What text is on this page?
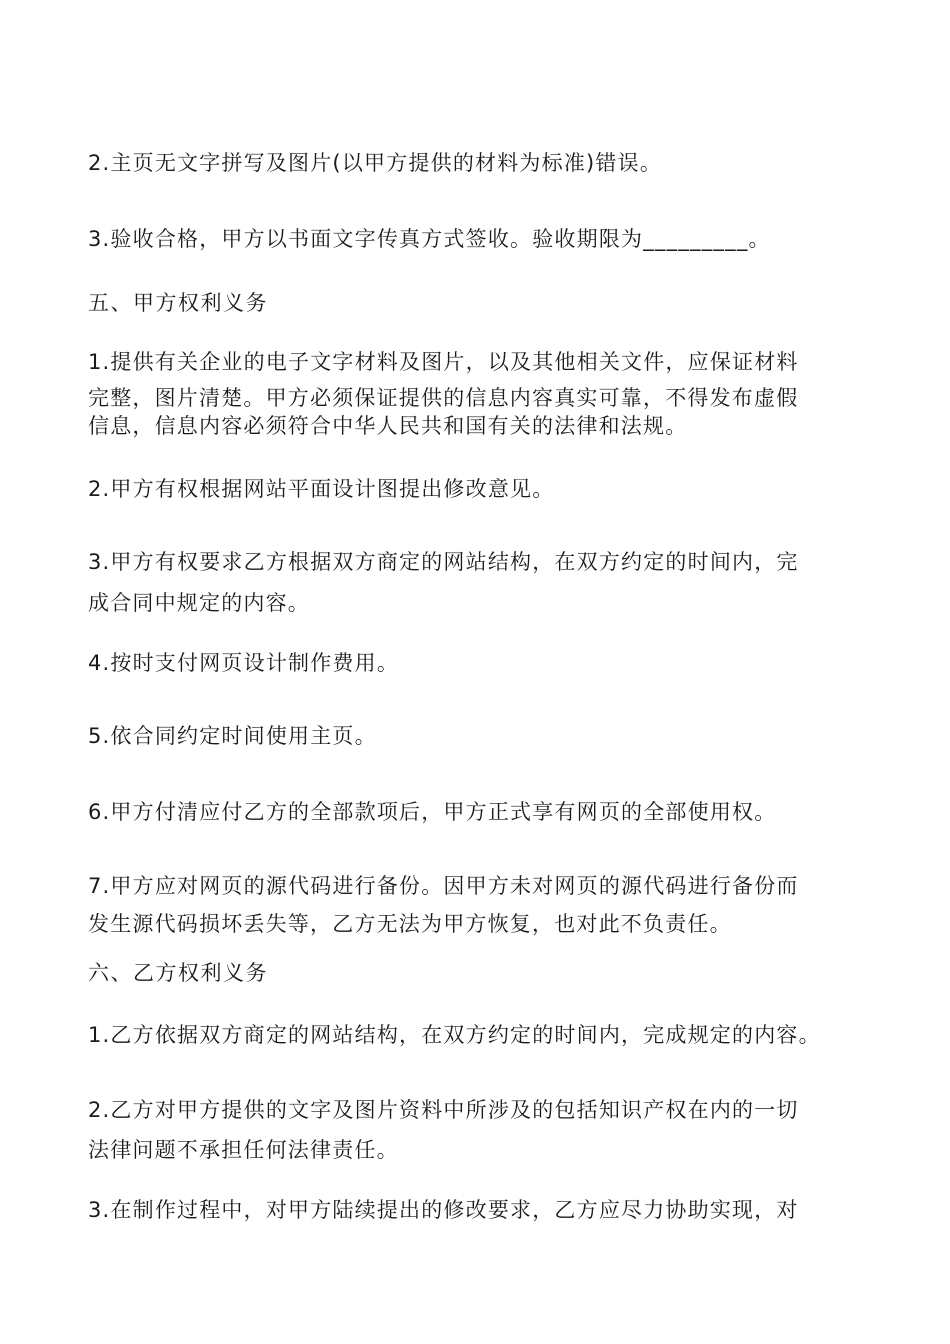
2.主页无文字拼写及图片(以甲方提供的材料为标准)错误。

3.验收合格，甲方以书面文字传真方式签收。验收期限为_________。

五、甲方权利义务

1.提供有关企业的电子文字材料及图片，以及其他相关文件，应保证材料
完整，图片清楚。甲方必须保证提供的信息内容真实可靠，不得发布虚假
信息，信息内容必须符合中华人民共和国有关的法律和法规。

2.甲方有权根据网站平面设计图提出修改意见。

3.甲方有权要求乙方根据双方商定的网站结构，在双方约定的时间内，完
成合同中规定的内容。

4.按时支付网页设计制作费用。

5.依合同约定时间使用主页。

6.甲方付清应付乙方的全部款项后，甲方正式享有网页的全部使用权。

7.甲方应对网页的源代码进行备份。因甲方未对网页的源代码进行备份而
发生源代码损坏丢失等，乙方无法为甲方恢复，也对此不负责任。

六、乙方权利义务

1.乙方依据双方商定的网站结构，在双方约定的时间内，完成规定的内容。

2.乙方对甲方提供的文字及图片资料中所涉及的包括知识产权在内的一切
法律问题不承担任何法律责任。

3.在制作过程中，对甲方陆续提出的修改要求，乙方应尽力协助实现，对
